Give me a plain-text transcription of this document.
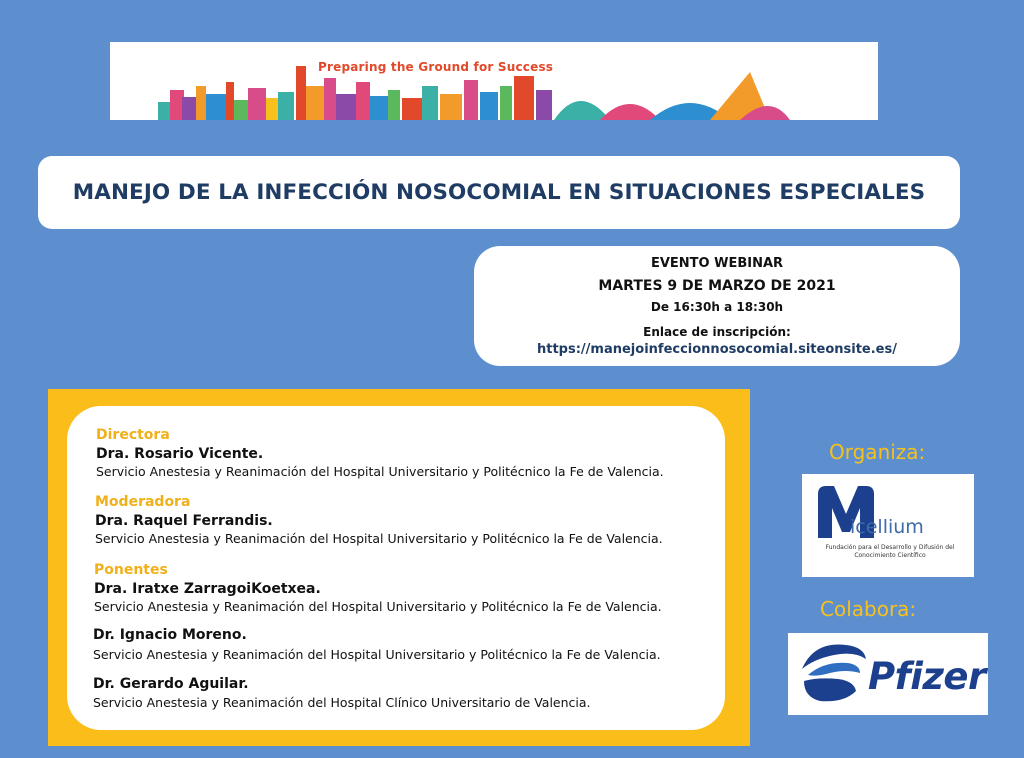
Preparing the Ground for Success
MANEJO DE LA INFECCIÓN NOSOCOMIAL EN SITUACIONES ESPECIALES
EVENTO WEBINAR
MARTES 9 DE MARZO DE 2021
De 16:30h a 18:30h
Enlace de inscripción:
https://manejoinfeccionnosocomial.siteonsite.es/
Directora
Dra. Rosario Vicente.
Servicio Anestesia y Reanimación del Hospital Universitario y Politécnico la Fe de Valencia.
Moderadora
Dra. Raquel Ferrandis.
Servicio Anestesia y Reanimación del Hospital Universitario y Politécnico la Fe de Valencia.
Ponentes
Dra. Iratxe ZarragoiKoetxea.
Servicio Anestesia y Reanimación del Hospital Universitario y Politécnico la Fe de Valencia.
Dr. Ignacio Moreno.
Servicio Anestesia y Reanimación del Hospital Universitario y Politécnico la Fe de Valencia.
Dr. Gerardo Aguilar.
Servicio Anestesia y Reanimación del Hospital Clínico Universitario de Valencia.
Organiza:
icellium
Fundación para el Desarrollo y Difusión del Conocimiento Científico
Colabora:
Pfizer
